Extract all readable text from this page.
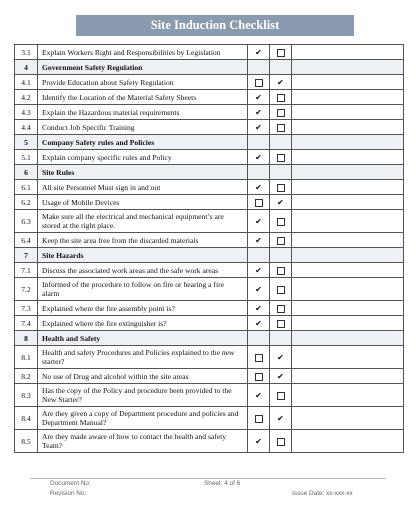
Site Induction Checklist
3.1	Explain Workers Right and Responsibilities by Legislation	✔		
4	Government Safety Regulation			
4.1	Provide Education about Safety Regulation		✔	
4.2	Identify the Location of the Material Safety Sheets	✔		
4.3	Explain the Hazardous material requirements	✔		
4.4	Conduct Job Specific Training	✔		
5	Company Safety rules and Policies			
5.1	Explain company specific rules and Policy	✔		
6	Site Rules			
6.1	All site Personnel Must sign in and out	✔		
6.2	Usage of Mobile Devices		✔	
6.3	Make sure all the electrical and mechanical equipment’s are stored at the right place.	✔		
6.4	Keep the site area free from the discarded materials	✔		
7	Site Hazards			
7.1	Discuss the associated work areas and the safe work areas	✔		
7.2	Informed of the procedure to follow on fire or hearing a fire alarm	✔		
7.3	Explained where the fire assembly point is?	✔		
7.4	Explained where the fire extinguisher is?	✔		
8	Health and Safety			
8.1	Health and safety Procedures and Policies explained to the new starter?		✔	
8.2	No use of Drug and alcohol within the site areas		✔	
8.3	Has the copy of the Policy and procedure been provided to the New Starter?	✔		
8.4	Are they given a copy of Department procedure and policies and Department Manual?		✔	
8.5	Are they made aware of how to contact the health and safety Team?	✔		
Document No:
Revision No:
Sheet: 4 of 6
Issue Date: xx-xxx-xx
